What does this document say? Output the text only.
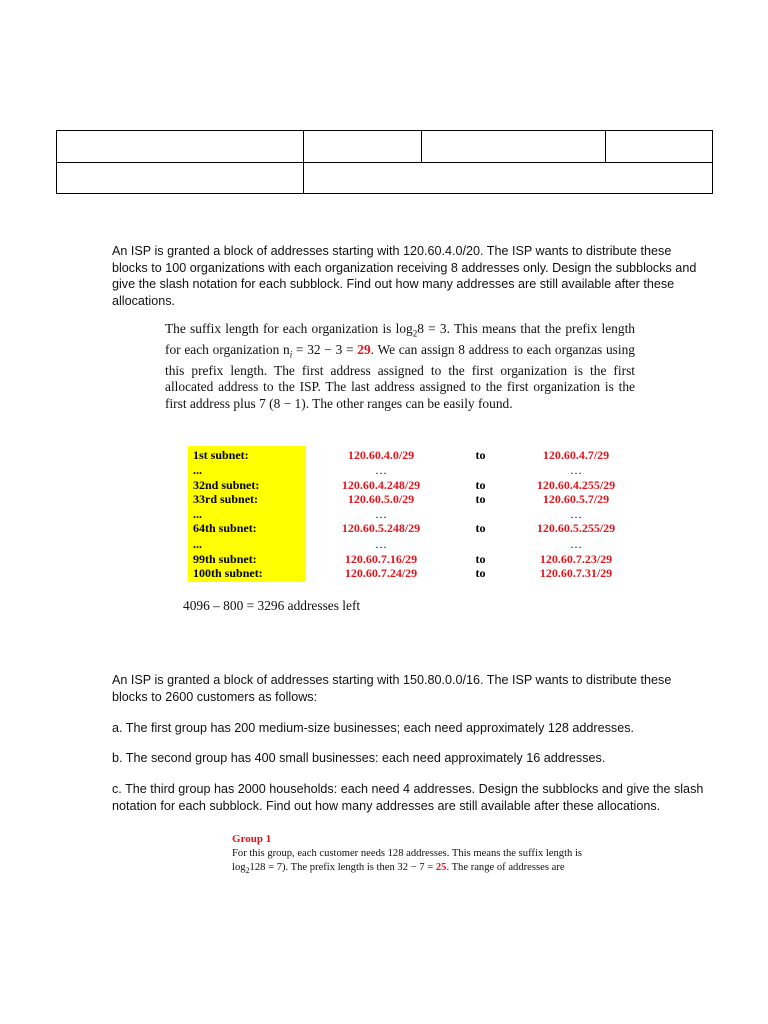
An ISP is granted a block of addresses starting with 120.60.4.0/20. The ISP wants to distribute these blocks to 100 organizations with each organization receiving 8 addresses only. Design the subblocks and give the slash notation for each subblock. Find out how many addresses are still available after these allocations.

The suffix length for each organization is $\log_28 = 3$. This means that the prefix length for each organization $n_i = 32 - 3 = 29$. We can assign 8 address to each organzas using this prefix length. The first address assigned to the first organization is the first allocated address to the ISP. The last address assigned to the first organization is the first address plus 7 (8 − 1). The other ranges can be easily found.
1st subnet:	120.60.4.0/29	to	120.60.4.7/29
...	…	…
32nd subnet:	120.60.4.248/29	to	120.60.4.255/29
33rd subnet:	120.60.5.0/29	to	120.60.5.7/29
...	…	…
64th subnet:	120.60.5.248/29	to	120.60.5.255/29
...	…	…
99th subnet:	120.60.7.16/29	to	120.60.7.23/29
100th subnet:	120.60.7.24/29	to	120.60.7.31/29
4096 – 800 = 3296 addresses left

An ISP is granted a block of addresses starting with 150.80.0.0/16. The ISP wants to distribute these blocks to 2600 customers as follows:

a. The first group has 200 medium-size businesses; each need approximately 128 addresses.

b. The second group has 400 small businesses: each need approximately 16 addresses.

c. The third group has 2000 households: each need 4 addresses. Design the subblocks and give the slash notation for each subblock. Find out how many addresses are still available after these allocations.

Group 1
For this group, each customer needs 128 addresses. This means the suffix length is
$\log_2128 = 7$). The prefix length is then 32 − 7 = 25. The range of addresses are
